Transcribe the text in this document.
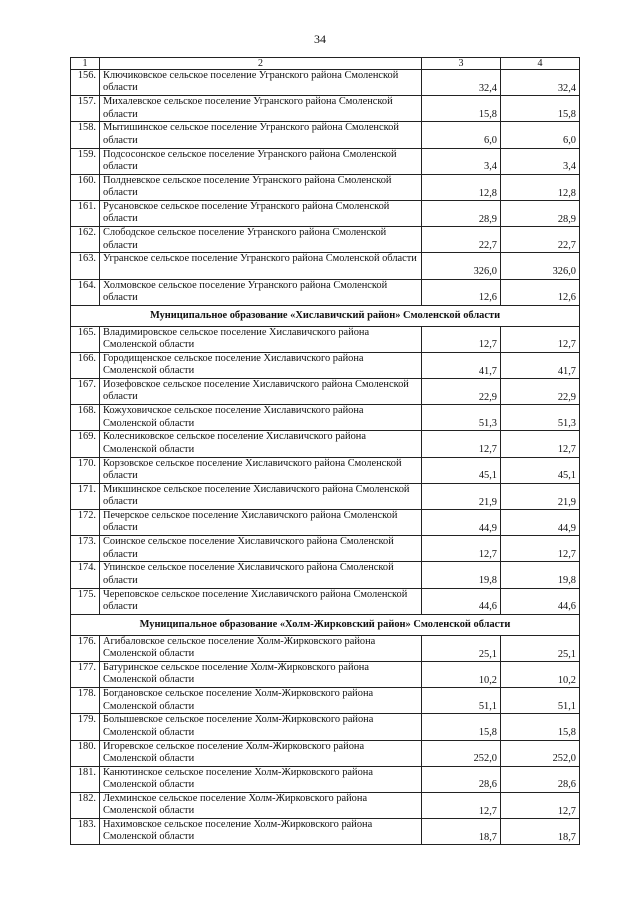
34
1	2	3	4
156.	Ключиковское сельское поселение Угранского района Смоленской области	32,4	32,4
157.	Михалевское сельское поселение Угранского района Смоленской области	15,8	15,8
158.	Мытишинское сельское поселение Угранского района Смоленской области	6,0	6,0
159.	Подсосонское сельское поселение Угранского района Смоленской области	3,4	3,4
160.	Полдневское сельское поселение Угранского района Смоленской области	12,8	12,8
161.	Русановское сельское поселение Угранского района Смоленской области	28,9	28,9
162.	Слободское сельское поселение Угранского района Смоленской области	22,7	22,7
163.	Угранское сельское поселение Угранского района Смоленской области	326,0	326,0
164.	Холмовское сельское поселение Угранского района Смоленской области	12,6	12,6
Муниципальное образование «Хиславичский район» Смоленской области			
165.	Владимировское сельское поселение Хиславичского района Смоленской области	12,7	12,7
166.	Городищенское сельское поселение Хиславичского района Смоленской области	41,7	41,7
167.	Иозефовское сельское поселение Хиславичского района Смоленской области	22,9	22,9
168.	Кожуховичское сельское поселение Хиславичского района Смоленской области	51,3	51,3
169.	Колесниковское сельское поселение Хиславичского района Смоленской области	12,7	12,7
170.	Корзовское сельское поселение Хиславичского района Смоленской области	45,1	45,1
171.	Микшинское сельское поселение Хиславичского района Смоленской области	21,9	21,9
172.	Печерское сельское поселение Хиславичского района Смоленской области	44,9	44,9
173.	Соинское сельское поселение Хиславичского района Смоленской области	12,7	12,7
174.	Упинское сельское поселение Хиславичского района Смоленской области	19,8	19,8
175.	Череповское сельское поселение Хиславичского района Смоленской области	44,6	44,6
Муниципальное образование «Холм-Жирковский район» Смоленской области			
176.	Агибаловское сельское поселение Холм-Жирковского района Смоленской области	25,1	25,1
177.	Батуринское сельское поселение Холм-Жирковского района Смоленской области	10,2	10,2
178.	Богдановское сельское поселение Холм-Жирковского района Смоленской области	51,1	51,1
179.	Болышевское сельское поселение Холм-Жирковского района Смоленской области	15,8	15,8
180.	Игоревское сельское поселение Холм-Жирковского района Смоленской области	252,0	252,0
181.	Канютинское сельское поселение Холм-Жирковского района Смоленской области	28,6	28,6
182.	Лехминское сельское поселение Холм-Жирковского района Смоленской области	12,7	12,7
183.	Нахимовское сельское поселение Холм-Жирковского района Смоленской области	18,7	18,7
